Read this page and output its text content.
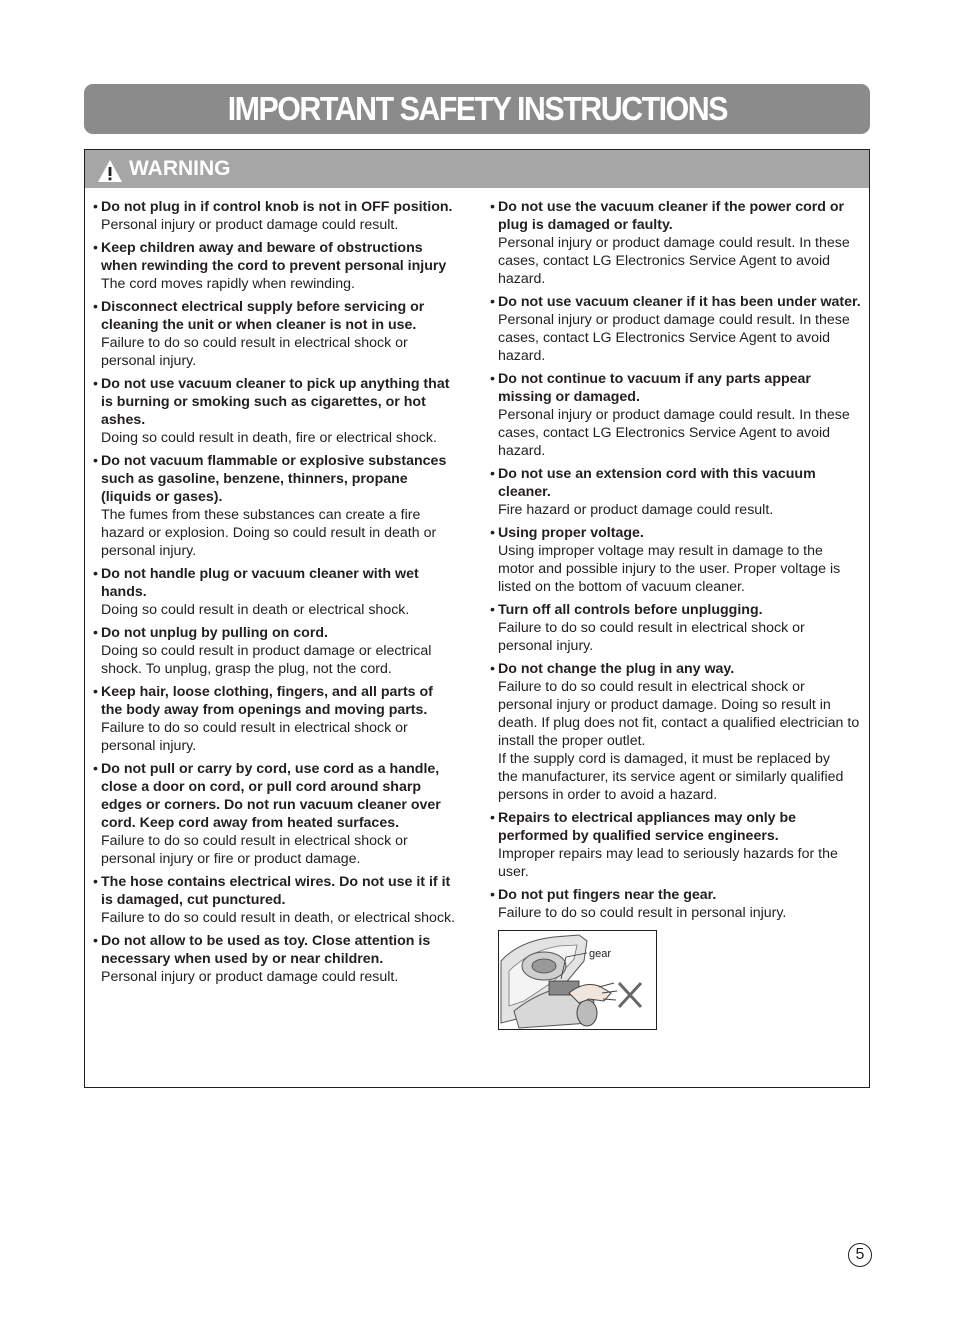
IMPORTANT SAFETY INSTRUCTIONS
WARNING
• Do not plug in if control knob is not in OFF position.
Personal injury or product damage could result.
• Keep children away and beware of obstructions
when rewinding the cord to prevent personal injury
The cord moves rapidly when rewinding.
• Disconnect electrical supply before servicing or
cleaning the unit or when cleaner is not in use.
Failure to do so could result in electrical shock or
personal injury.
• Do not use vacuum cleaner to pick up anything that
is burning or smoking such as cigarettes, or hot
ashes.
Doing so could result in death, fire or electrical shock.
• Do not vacuum flammable or explosive substances
such as gasoline, benzene, thinners, propane
(liquids or gases).
The fumes from these substances can create a fire
hazard or explosion. Doing so could result in death or
personal injury.
• Do not handle plug or vacuum cleaner with wet
hands.
Doing so could result in death or electrical shock.
• Do not unplug by pulling on cord.
Doing so could result in product damage or electrical
shock. To unplug, grasp the plug, not the cord.
• Keep hair, loose clothing, fingers, and all parts of
the body away from openings and moving parts.
Failure to do so could result in electrical shock or
personal injury.
• Do not pull or carry by cord, use cord as a handle,
close a door on cord, or pull cord around sharp
edges or corners. Do not run vacuum cleaner over
cord. Keep cord away from heated surfaces.
Failure to do so could result in electrical shock or
personal injury or fire or product damage.
• The hose contains electrical wires. Do not use it if it
is damaged, cut punctured.
Failure to do so could result in death, or electrical shock.
• Do not allow to be used as toy. Close attention is
necessary when used by or near children.
Personal injury or product damage could result.
• Do not use the vacuum cleaner if the power cord or
plug is damaged or faulty.
Personal injury or product damage could result. In these
cases, contact LG Electronics Service Agent to avoid
hazard.
• Do not use vacuum cleaner if it has been under water.
Personal injury or product damage could result. In these
cases, contact LG Electronics Service Agent to avoid
hazard.
• Do not continue to vacuum if any parts appear
missing or damaged.
Personal injury or product damage could result. In these
cases, contact LG Electronics Service Agent to avoid
hazard.
• Do not use an extension cord with this vacuum
cleaner.
Fire hazard or product damage could result.
• Using proper voltage.
Using improper voltage may result in damage to the
motor and possible injury to the user. Proper voltage is
listed on the bottom of vacuum cleaner.
• Turn off all controls before unplugging.
Failure to do so could result in electrical shock or
personal injury.
• Do not change the plug in any way.
Failure to do so could result in electrical shock or
personal injury or product damage. Doing so result in
death. If plug does not fit, contact a qualified electrician to
install the proper outlet.
If the supply cord is damaged, it must be replaced by
the manufacturer, its service agent or similarly qualified
persons in order to avoid a hazard.
• Repairs to electrical appliances may only be
performed by qualified service engineers.
Improper repairs may lead to seriously hazards for the user.
• Do not put fingers near the gear.
Failure to do so could result in personal injury.
gear
5
